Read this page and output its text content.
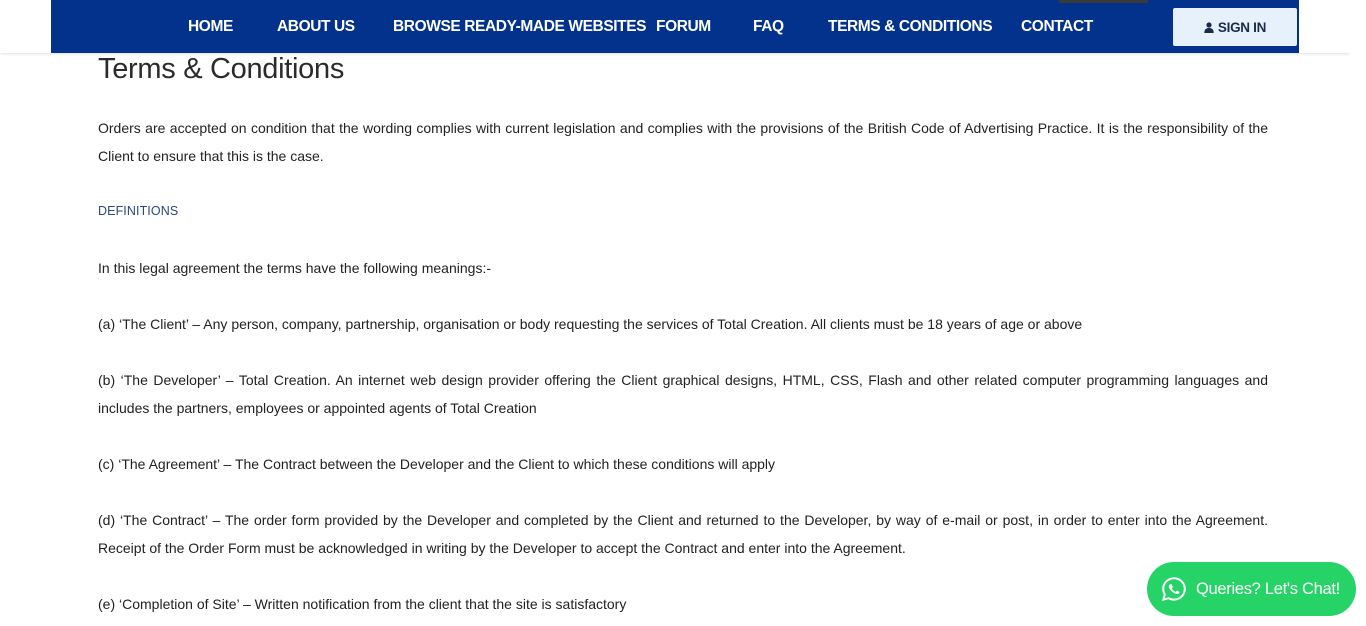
HOME	ABOUT US BROWSE READY-MADE WEBSITES FORUM	FAQ	TERMS & CONDITIONS CONTACT	SIGN IN
Terms & Conditions

Orders are accepted on condition that the wording complies with current legislation and complies with the provisions of the British Code of Advertising Practice. It is the responsibility of the Client to ensure that this is the case.

DEFINITIONS

In this legal agreement the terms have the following meanings:-

(a) ‘The Client’ – Any person, company, partnership, organisation or body requesting the services of Total Creation. All clients must be 18 years of age or above

(b) ‘The Developer’ – Total Creation. An internet web design provider offering the Client graphical designs, HTML, CSS, Flash and other related computer programming languages and includes the partners, employees or appointed agents of Total Creation

(c) ‘The Agreement’ – The Contract between the Developer and the Client to which these conditions will apply

(d) ‘The Contract’ – The order form provided by the Developer and completed by the Client and returned to the Developer, by way of e-mail or post, in order to enter into the Agreement. Receipt of the Order Form must be acknowledged in writing by the Developer to accept the Contract and enter into the Agreement.

(e) ‘Completion of Site’ – Written notification from the client that the site is satisfactory

Queries? Let's Chat!
